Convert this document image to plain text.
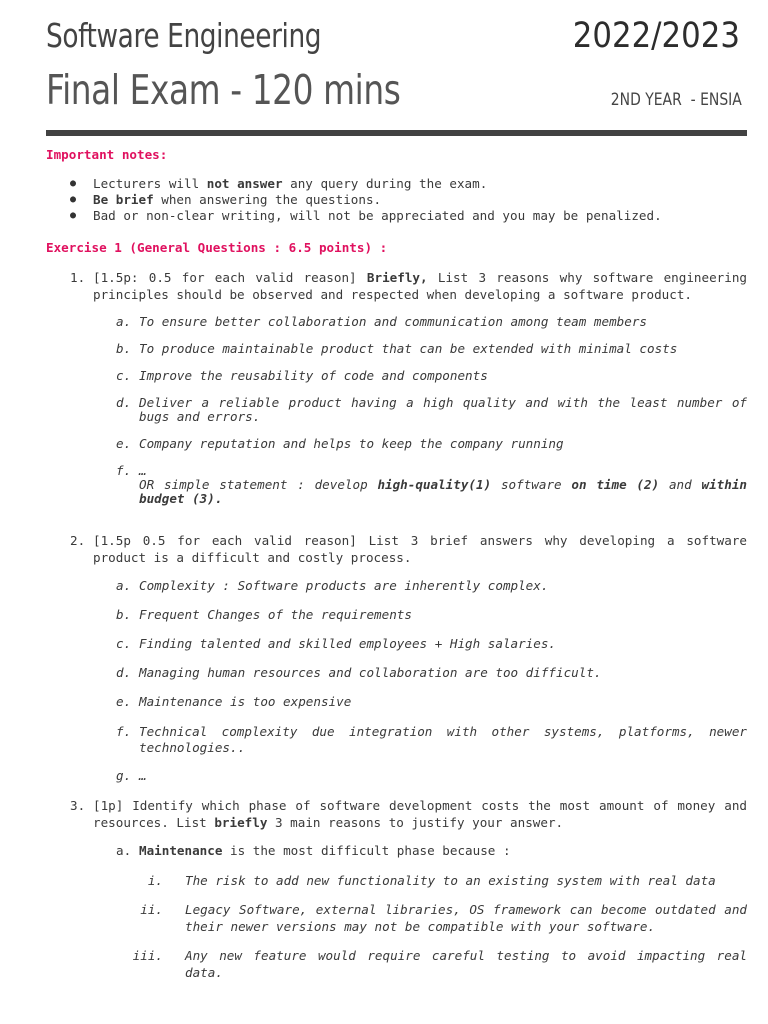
Software Engineering
Final Exam - 120 mins
2022/2023
2ND YEAR  - ENSIA
Important notes:
● Lecturers will not answer any query during the exam.
● Be brief when answering the questions.
● Bad or non-clear writing, will not be appreciated and you may be penalized.
Exercise 1 (General Questions : 6.5 points) :
1. [1.5p: 0.5 for each valid reason] Briefly, List 3 reasons why software engineering principles should be observed and respected when developing a software product.
a. To ensure better collaboration and communication among team members
b. To produce maintainable product that can be extended with minimal costs
c. Improve the reusability of code and components
d. Deliver a reliable product having a high quality and with the least number of bugs and errors.
e. Company reputation and helps to keep the company running
f. …
OR simple statement : develop high-quality(1) software on time (2) and within budget (3).
2. [1.5p 0.5 for each valid reason] List 3 brief answers why developing a software product is a difficult and costly process.
a. Complexity : Software products are inherently complex.
b. Frequent Changes of the requirements
c. Finding talented and skilled employees + High salaries.
d. Managing human resources and collaboration are too difficult.
e. Maintenance is too expensive
f. Technical complexity due integration with other systems, platforms, newer technologies..
g. …
3. [1p] Identify which phase of software development costs the most amount of money and resources. List briefly 3 main reasons to justify your answer.
a. Maintenance is the most difficult phase because :
i. The risk to add new functionality to an existing system with real data
ii. Legacy Software, external libraries, OS framework can become outdated and their newer versions may not be compatible with your software.
iii. Any new feature would require careful testing to avoid impacting real data.
